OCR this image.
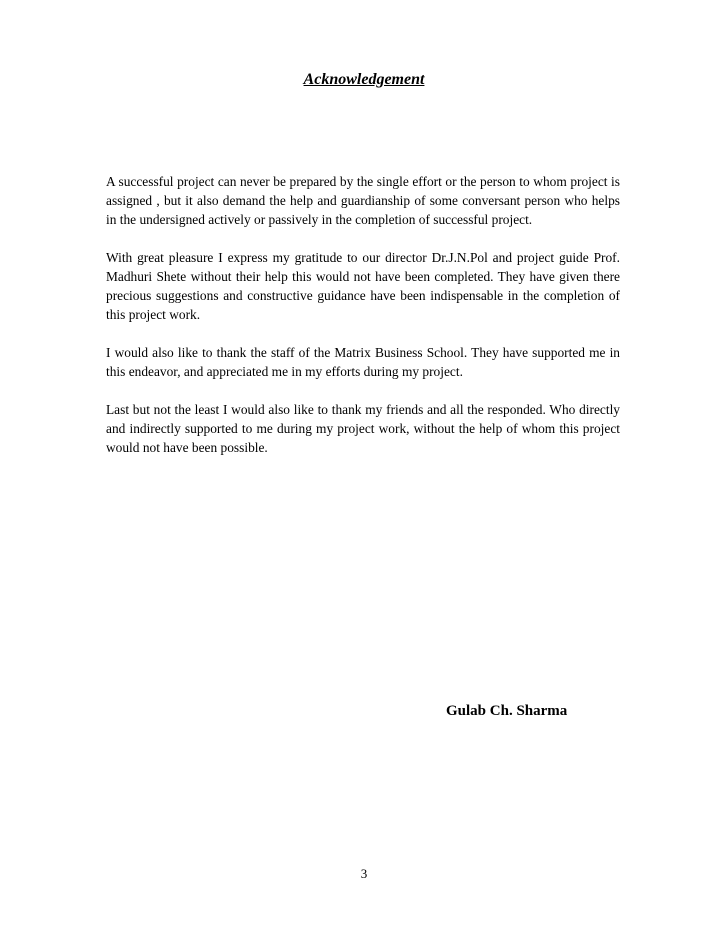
Acknowledgement

A successful project can never be prepared by the single effort or the person to whom project is assigned , but it also demand the help and guardianship of some conversant person who helps in the undersigned actively or passively in the completion of successful project.

With great pleasure I express my gratitude to our director Dr.J.N.Pol and project guide Prof. Madhuri Shete without their help this would not have been completed. They have given there precious suggestions and constructive guidance have been indispensable in the completion of this project work.

I would also like to thank the staff of the Matrix Business School. They have supported me in this endeavor, and appreciated me in my efforts during my project.

Last but not the least I would also like to thank my friends and all the responded. Who directly and indirectly supported to me during my project work, without the help of whom this project would not have been possible.

Gulab Ch. Sharma

3
